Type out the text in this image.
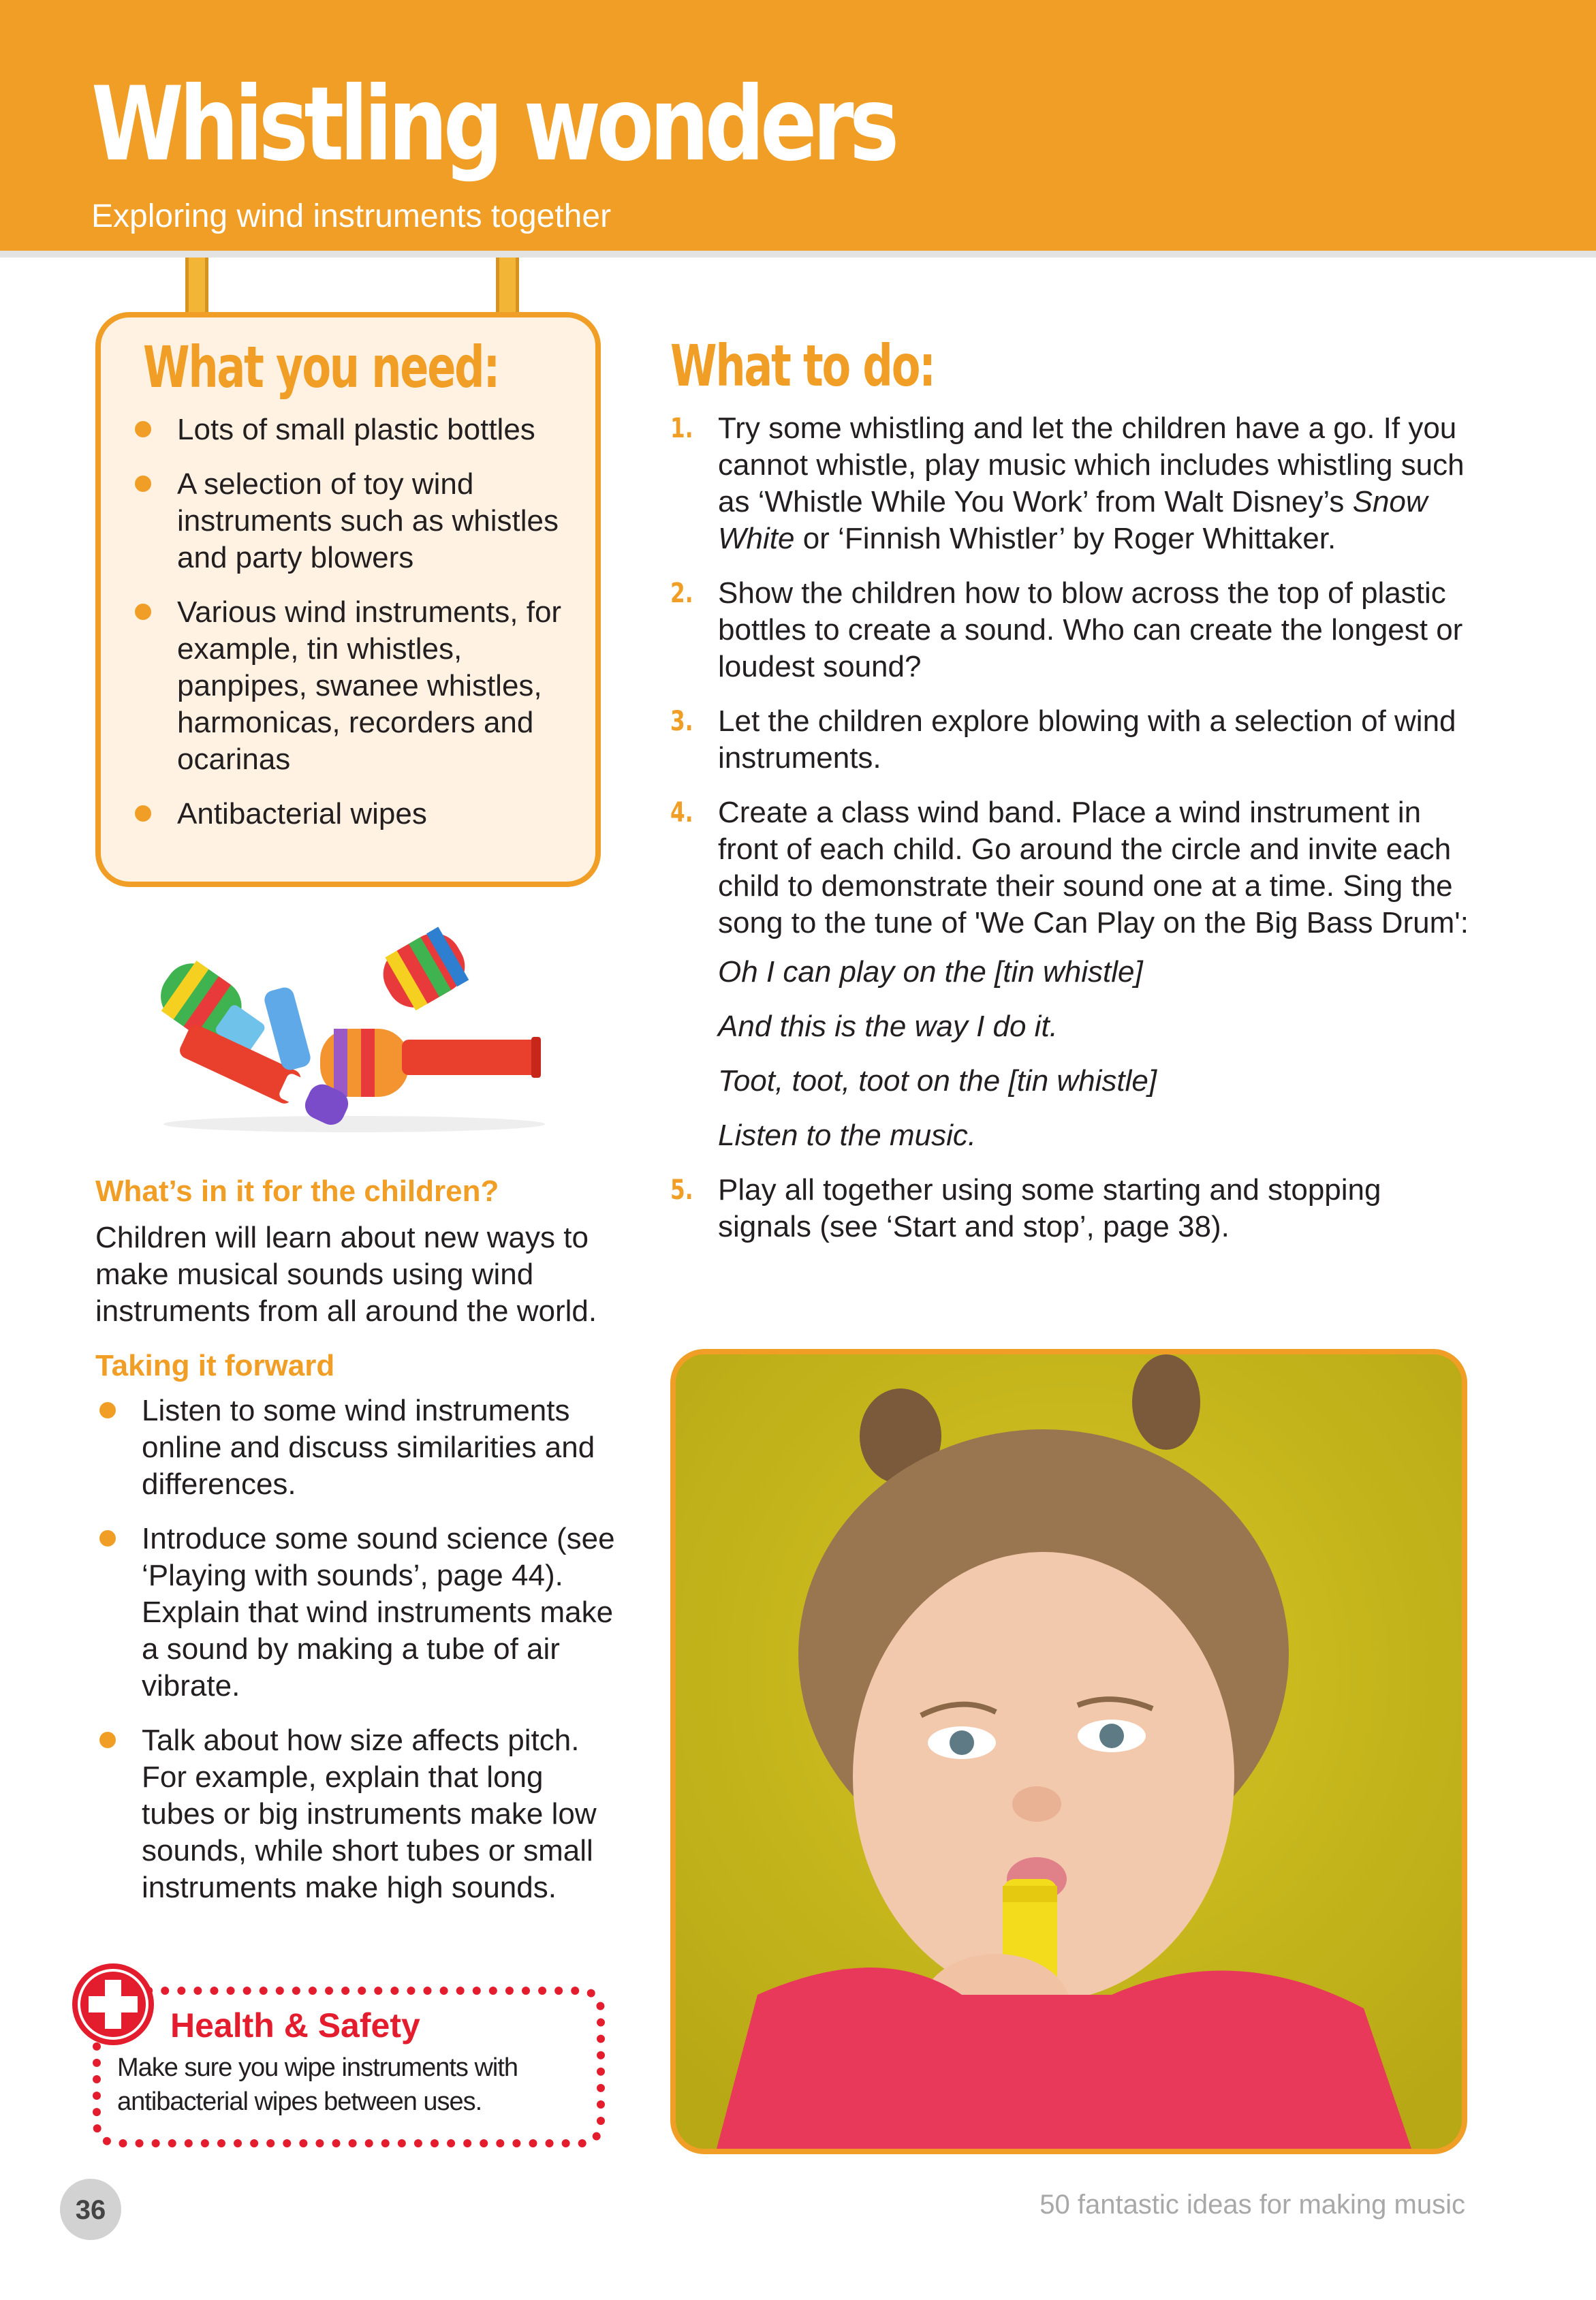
Whistling wonders
Exploring wind instruments together
What you need:
Lots of small plastic bottles
A selection of toy wind instruments such as whistles and party blowers
Various wind instruments, for example, tin whistles, panpipes, swanee whistles, harmonicas, recorders and ocarinas
Antibacterial wipes
What’s in it for the children?

Children will learn about new ways to make musical sounds using wind instruments from all around the world.

Taking it forward
Listen to some wind instruments online and discuss similarities and differences.
Introduce some sound science (see ‘Playing with sounds’, page 44). Explain that wind instruments make a sound by making a tube of air vibrate.
Talk about how size affects pitch. For example, explain that long tubes or big instruments make low sounds, while short tubes or small instruments make high sounds.
Health & Safety

Make sure you wipe instruments with antibacterial wipes between uses.

What to do:
1. Try some whistling and let the children have a go. If you cannot whistle, play music which includes whistling such as ‘Whistle While You Work’ from Walt Disney’s Snow White or ‘Finnish Whistler’ by Roger Whittaker.
2. Show the children how to blow across the top of plastic bottles to create a sound. Who can create the longest or loudest sound?
3. Let the children explore blowing with a selection of wind instruments.
4. Create a class wind band. Place a wind instrument in front of each child. Go around the circle and invite each child to demonstrate their sound one at a time. Sing the song to the tune of 'We Can Play on the Big Bass Drum':
Oh I can play on the [tin whistle]
And this is the way I do it.
Toot, toot, toot on the [tin whistle]
Listen to the music.
5. Play all together using some starting and stopping signals (see ‘Start and stop’, page 38).
36	50 fantastic ideas for making music
